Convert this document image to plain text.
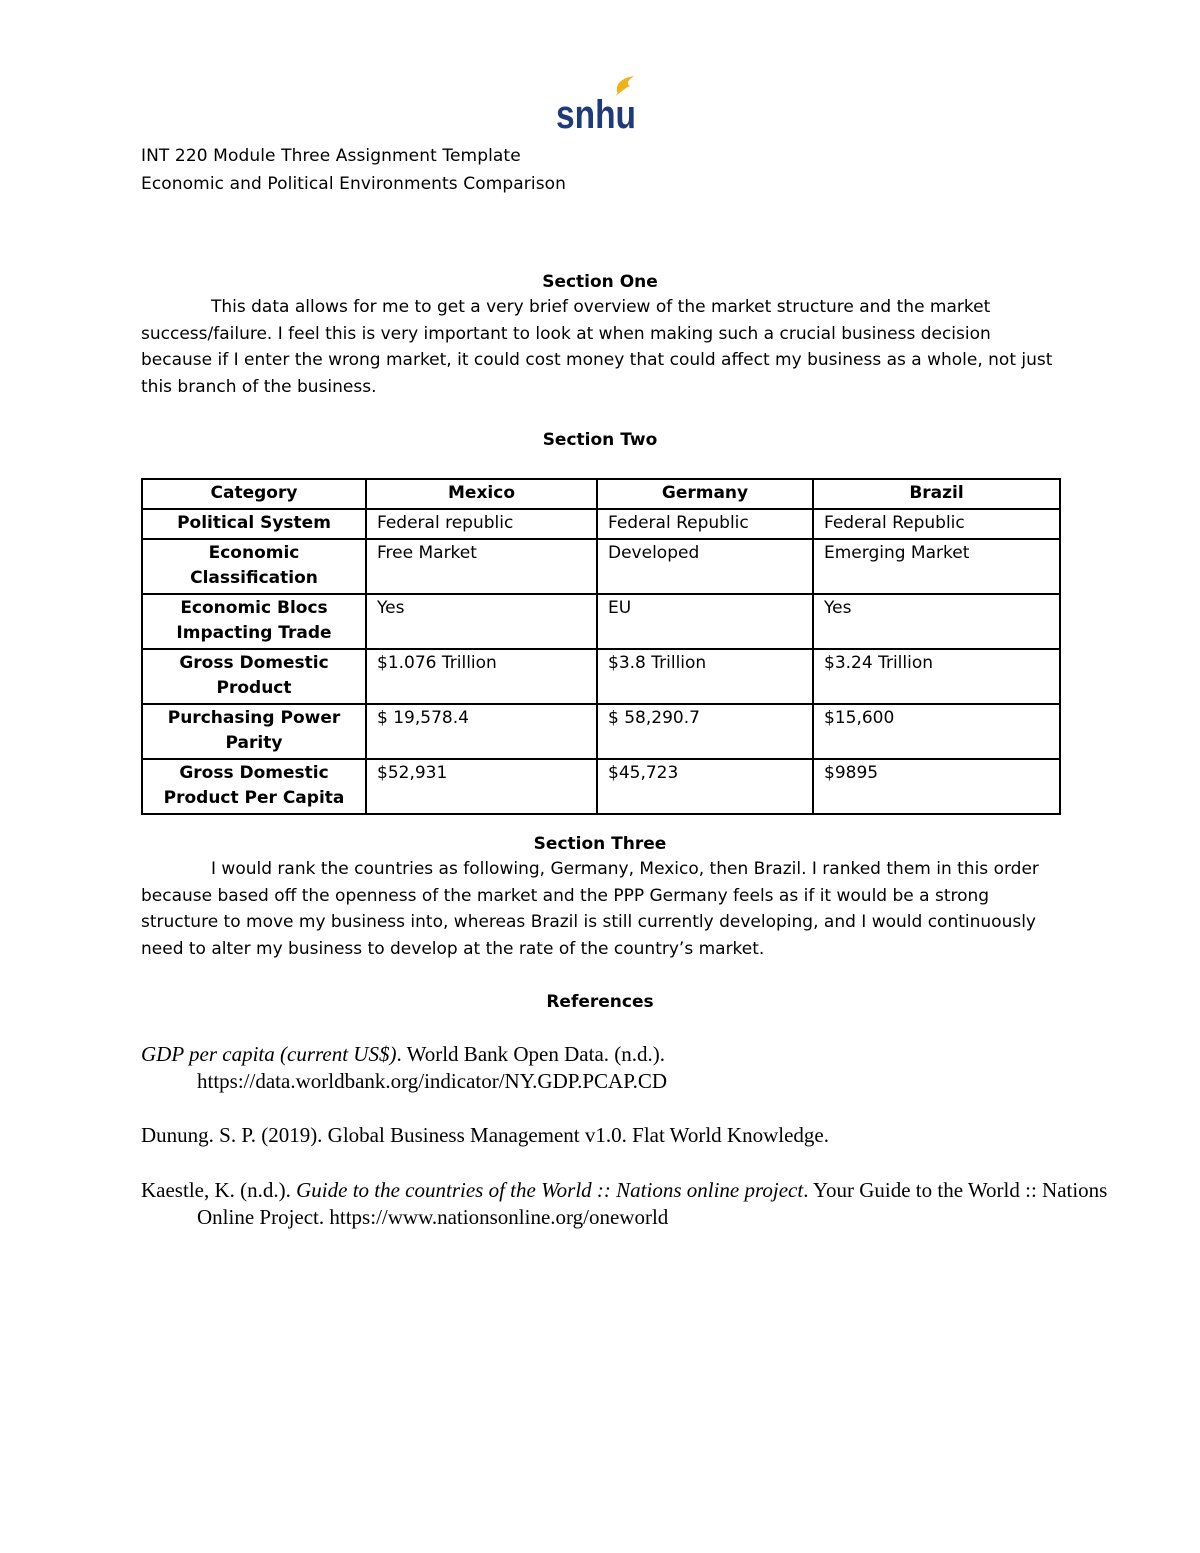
snhu
INT 220 Module Three Assignment Template
Economic and Political Environments Comparison
Section One

This data allows for me to get a very brief overview of the market structure and the market success/failure. I feel this is very important to look at when making such a crucial business decision because if I enter the wrong market, it could cost money that could affect my business as a whole, not just this branch of the business.

Section Two
Category	Mexico	Germany	Brazil
Political System	Federal republic	Federal Republic	Federal Republic
Economic Classification	Free Market	Developed	Emerging Market
Economic Blocs Impacting Trade	Yes	EU	Yes
Gross Domestic Product	$1.076 Trillion	$3.8 Trillion	$3.24 Trillion
Purchasing Power Parity	$ 19,578.4	$ 58,290.7	$15,600
Gross Domestic Product Per Capita	$52,931	$45,723	$9895
Section Three

I would rank the countries as following, Germany, Mexico, then Brazil. I ranked them in this order because based off the openness of the market and the PPP Germany feels as if it would be a strong structure to move my business into, whereas Brazil is still currently developing, and I would continuously need to alter my business to develop at the rate of the country’s market.

References

GDP per capita (current US$). World Bank Open Data. (n.d.). https://data.worldbank.org/indicator/NY.GDP.PCAP.CD

Dunung. S. P. (2019). Global Business Management v1.0. Flat World Knowledge.

Kaestle, K. (n.d.). Guide to the countries of the World :: Nations online project. Your Guide to the World :: Nations Online Project. https://www.nationsonline.org/oneworld
